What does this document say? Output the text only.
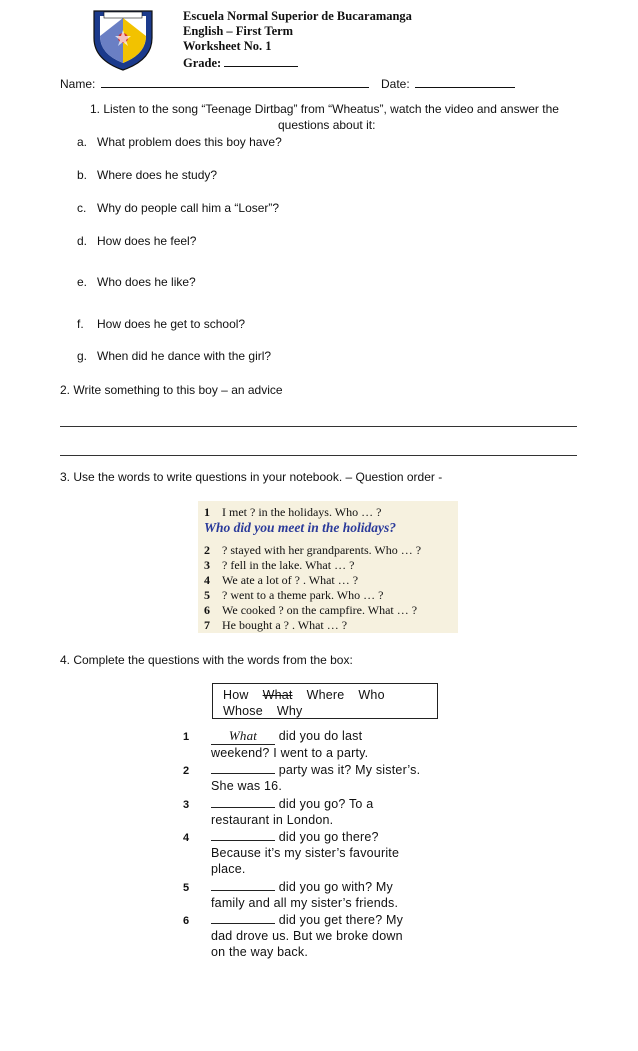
Escuela Normal Superior de Bucaramanga
English – First Term
Worksheet No. 1
Grade:
Name:	Date:
1. Listen to the song “Teenage Dirtbag” from “Wheatus”, watch the video and answer the
questions about it:
a. What problem does this boy have?
b. Where does he study?
c. Why do people call him a “Loser”?
d. How does he feel?
e. Who does he like?
f. How does he get to school?
g. When did he dance with the girl?
2. Write something to this boy – an advice
3. Use the words to write questions in your notebook. – Question order -
1 I met ? in the holidays. Who … ?
Who did you meet in the holidays?
2 ? stayed with her grandparents. Who … ?
3 ? fell in the lake. What … ?
4 We ate a lot of ? . What … ?
5 ? went to a theme park. Who … ?
6 We cooked ? on the campfire. What … ?
7 He bought a ? . What … ?
4. Complete the questions with the words from the box:
How What Where Who
Whose Why
1	What did you do last
weekend? I went to a party.
2	party was it? My sister’s.
She was 16.
3	did you go? To a
restaurant in London.
4	did you go there?
Because it’s my sister’s favourite
place.
5	did you go with? My
family and all my sister’s friends.
6	did you get there? My
dad drove us. But we broke down
on the way back.
